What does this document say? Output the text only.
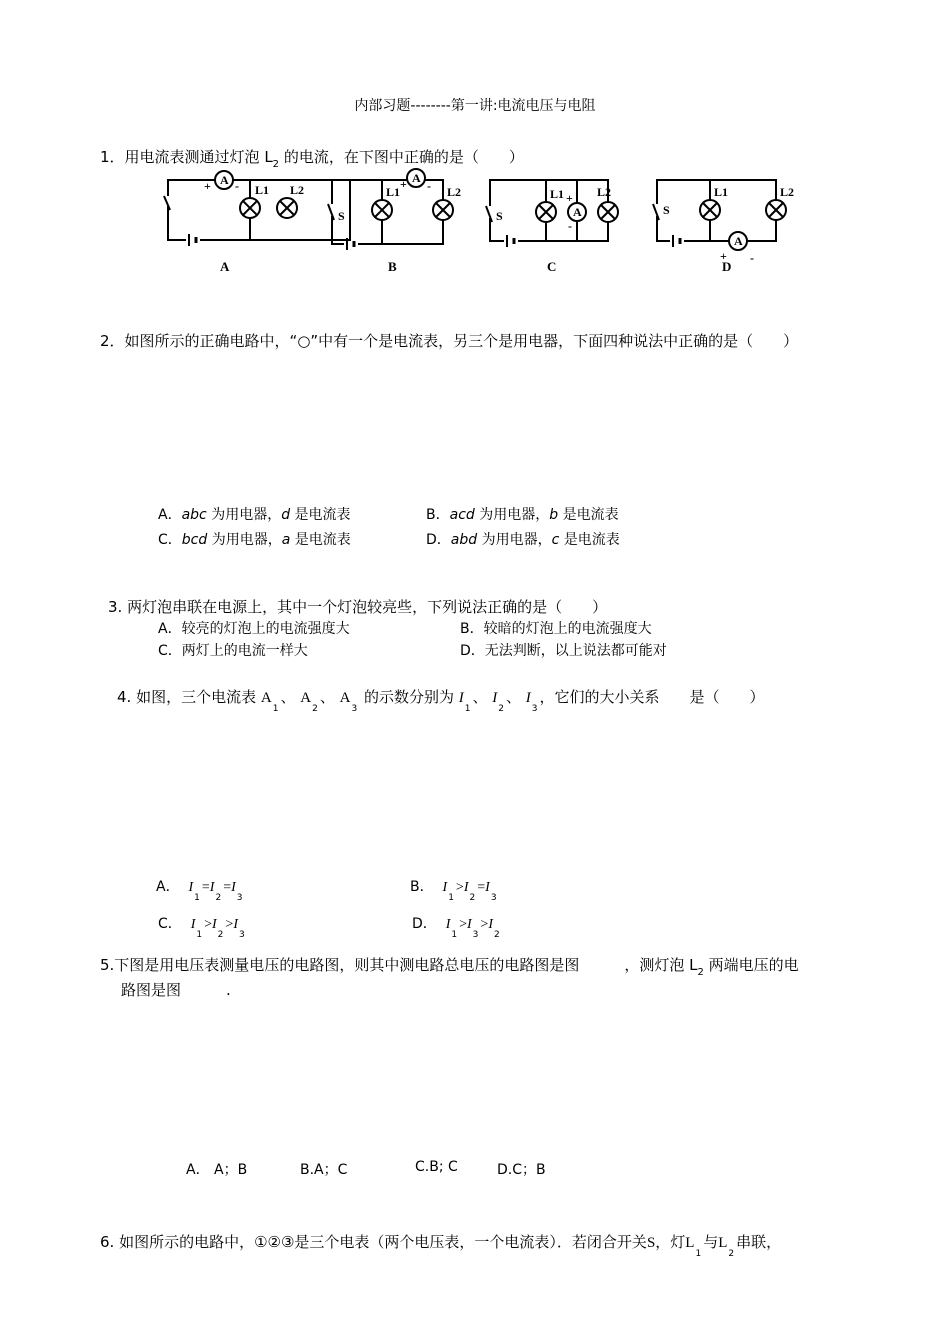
内部习题--------第一讲:电流电压与电阻
1．用电流表测通过灯泡 $L_2$ 的电流，在下图中正确的是（　　）
A
+ - L1 L2
A
+ -
S
L1	L2
A
+
-
S
L1	L2
A
+ -
S
L1	L2
A	B	C	D
2．如图所示的正确电路中，“○”中有一个是电流表，另三个是用电器，下面四种说法中正确的是（　　）
A．abc 为用电器，d 是电流表	B．acd 为用电器，b 是电流表
C．bcd 为用电器，a 是电流表	D．abd 为用电器，c 是电流表
3. 两灯泡串联在电源上，其中一个灯泡较亮些，下列说法正确的是（　　）
A．较亮的灯泡上的电流强度大	B．较暗的灯泡上的电流强度大
C．两灯上的电流一样大	D．无法判断，以上说法都可能对
4. 如图，三个电流表 $A_1$、 $A_2$、 $A_3$ 的示数分别为 $I_1$、 $I_2$、 $I_3$，它们的大小关系　　是（　　）
A． $I_1=I_2=I_3$
B． $I_1>I_2=I_3$
C． $I_1>I_2>I_3$
D． $I_1>I_3>I_2$
5.下图是用电压表测量电压的电路图，则其中测电路总电压的电路图是图　　　，测灯泡 $L_2$ 两端电压的电
路图是图　　　.
A． A；B	B.A；C	C.B; C	D.C；B
6. 如图所示的电路中，①②③是三个电表（两个电压表，一个电流表）．若闭合开关S，灯$L_1$与$L_2$串联，
